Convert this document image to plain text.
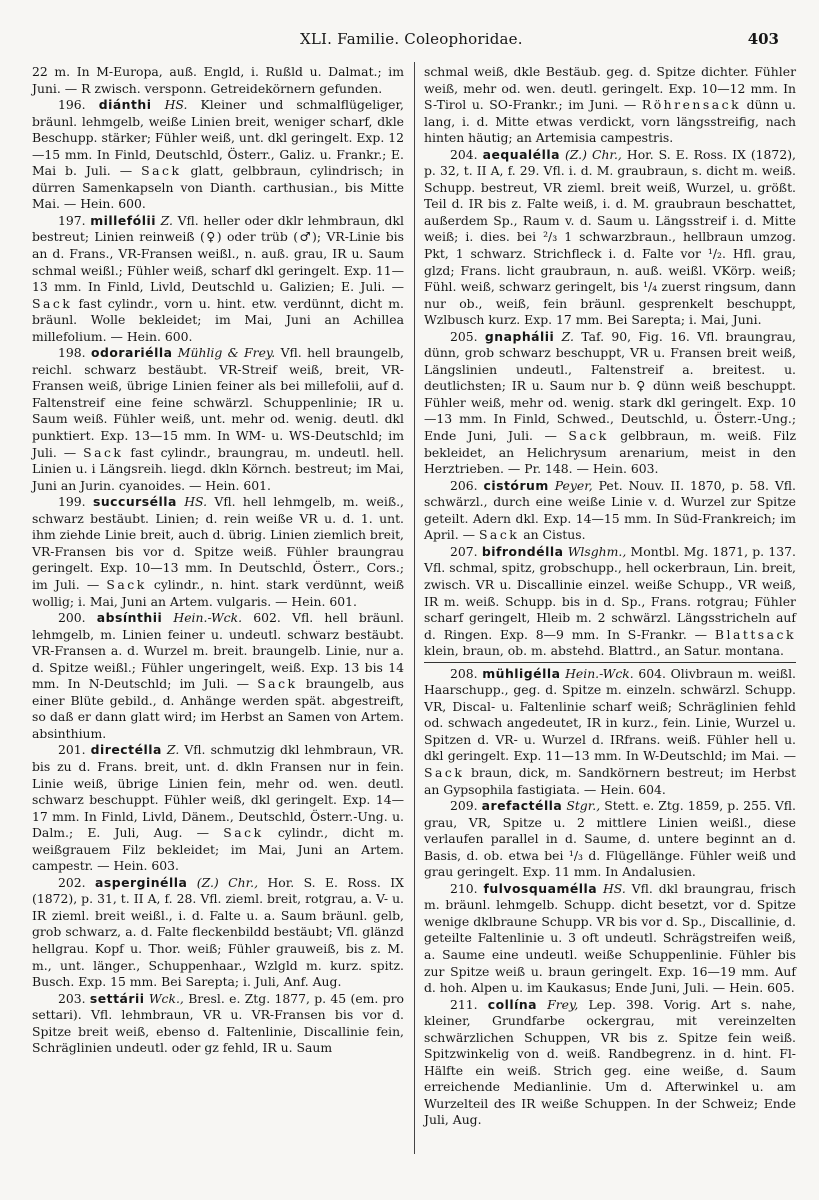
XLI. Familie. Coleophoridae.	403

22 m. In M-Europa, auß. Engld, i. Rußld u. Dalmat.; im Juni. — R zwisch. versponn. Getreidekörnern gefunden.

196. diánthi HS. Kleiner und schmalflügeliger, bräunl. lehmgelb, weiße Linien breit, weniger scharf, dkle Beschupp. stärker; Fühler weiß, unt. dkl geringelt. Exp. 12—15 mm. In Finld, Deutschld, Österr., Galiz. u. Frankr.; E. Mai b. Juli. — Sack glatt, gelbbraun, cylindrisch; in dürren Samenkapseln von Dianth. carthusian., bis Mitte Mai. — Hein. 600.

197. millefólii Z. Vfl. heller oder dklr lehmbraun, dkl bestreut; Linien reinweiß (♀) oder trüb (♂); VR-Linie bis an d. Frans., VR-Fransen weißl., n. auß. grau, IR u. Saum schmal weißl.; Fühler weiß, scharf dkl geringelt. Exp. 11—13 mm. In Finld, Livld, Deutschld u. Galizien; E. Juli. — Sack fast cylindr., vorn u. hint. etw. verdünnt, dicht m. bräunl. Wolle bekleidet; im Mai, Juni an Achillea millefolium. — Hein. 600.

198. odorariélla Mühlig & Frey. Vfl. hell braungelb, reichl. schwarz bestäubt. VR-Streif weiß, breit, VR-Fransen weiß, übrige Linien feiner als bei millefolii, auf d. Faltenstreif eine feine schwärzl. Schuppenlinie; IR u. Saum weiß. Fühler weiß, unt. mehr od. wenig. deutl. dkl punktiert. Exp. 13—15 mm. In WM- u. WS-Deutschld; im Juli. — Sack fast cylindr., braungrau, m. undeutl. hell. Linien u. i Längsreih. liegd. dkln Körnch. bestreut; im Mai, Juni an Jurin. cyanoides. — Hein. 601.

199. succursélla HS. Vfl. hell lehmgelb, m. weiß., schwarz bestäubt. Linien; d. rein weiße VR u. d. 1. unt. ihm ziehde Linie breit, auch d. übrig. Linien ziemlich breit, VR-Fransen bis vor d. Spitze weiß. Fühler braungrau geringelt. Exp. 10—13 mm. In Deutschld, Österr., Cors.; im Juli. — Sack cylindr., n. hint. stark verdünnt, weiß wollig; i. Mai, Juni an Artem. vulgaris. — Hein. 601.

200. absínthii Hein.-Wck. 602. Vfl. hell bräunl. lehmgelb, m. Linien feiner u. undeutl. schwarz bestäubt. VR-Fransen a. d. Wurzel m. breit. braungelb. Linie, nur a. d. Spitze weißl.; Fühler ungeringelt, weiß. Exp. 13 bis 14 mm. In N-Deutschld; im Juli. — Sack braungelb, aus einer Blüte gebild., d. Anhänge werden spät. abgestreift, so daß er dann glatt wird; im Herbst an Samen von Artem. absinthium.

201. directélla Z. Vfl. schmutzig dkl lehmbraun, VR. bis zu d. Frans. breit, unt. d. dkln Fransen nur in fein. Linie weiß, übrige Linien fein, mehr od. wen. deutl. schwarz beschuppt. Fühler weiß, dkl geringelt. Exp. 14—17 mm. In Finld, Livld, Dänem., Deutschld, Österr.-Ung. u. Dalm.; E. Juli, Aug. — Sack cylindr., dicht m. weißgrauem Filz bekleidet; im Mai, Juni an Artem. campestr. — Hein. 603.

202. asperginélla (Z.) Chr., Hor. S. E. Ross. IX (1872), p. 31, t. II A, f. 28. Vfl. zieml. breit, rotgrau, a. V- u. IR zieml. breit weißl., i. d. Falte u. a. Saum bräunl. gelb, grob schwarz, a. d. Falte fleckenbildd bestäubt; Vfl. glänzd hellgrau. Kopf u. Thor. weiß; Fühler grauweiß, bis z. M. m., unt. länger., Schuppenhaar., Wzlgld m. kurz. spitz. Busch. Exp. 15 mm. Bei Sarepta; i. Juli, Anf. Aug.

203. settárii Wck., Bresl. e. Ztg. 1877, p. 45 (em. pro settari). Vfl. lehmbraun, VR u. VR-Fransen bis vor d. Spitze breit weiß, ebenso d. Faltenlinie, Discallinie fein, Schräglinien undeutl. oder gz fehld, IR u. Saum

schmal weiß, dkle Bestäub. geg. d. Spitze dichter. Fühler weiß, mehr od. wen. deutl. geringelt. Exp. 10—12 mm. In S-Tirol u. SO-Frankr.; im Juni. — Röhrensack dünn u. lang, i. d. Mitte etwas verdickt, vorn längsstreifig, nach hinten häutig; an Artemisia campestris.

204. aequaléllа (Z.) Chr., Hor. S. E. Ross. IX (1872), p. 32, t. II A, f. 29. Vfl. i. d. M. graubraun, s. dicht m. weiß. Schupp. bestreut, VR zieml. breit weiß, Wurzel, u. größt. Teil d. IR bis z. Falte weiß, i. d. M. graubraun beschattet, außerdem Sp., Raum v. d. Saum u. Längsstreif i. d. Mitte weiß; i. dies. bei ²/₃ 1 schwarzbraun., hellbraun umzog. Pkt, 1 schwarz. Strichfleck i. d. Falte vor ¹/₂. Hfl. grau, glzd; Frans. licht graubraun, n. auß. weißl. VKörp. weiß; Fühl. weiß, schwarz geringelt, bis ¹/₄ zuerst ringsum, dann nur ob., weiß, fein bräunl. gesprenkelt beschuppt, Wzlbusch kurz. Exp. 17 mm. Bei Sarepta; i. Mai, Juni.

205. gnaphálii Z. Taf. 90, Fig. 16. Vfl. braungrau, dünn, grob schwarz beschuppt, VR u. Fransen breit weiß, Längslinien undeutl., Faltenstreif a. breitest. u. deutlichsten; IR u. Saum nur b. ♀ dünn weiß beschuppt. Fühler weiß, mehr od. wenig. stark dkl geringelt. Exp. 10—13 mm. In Finld, Schwed., Deutschld, u. Österr.-Ung.; Ende Juni, Juli. — Sack gelbbraun, m. weiß. Filz bekleidet, an Helichrysum arenarium, meist in den Herztrieben. — Pr. 148. — Hein. 603.

206. cistórum Peyer, Pet. Nouv. II. 1870, p. 58. Vfl. schwärzl., durch eine weiße Linie v. d. Wurzel zur Spitze geteilt. Adern dkl. Exp. 14—15 mm. In Süd-Frankreich; im April. — Sack an Cistus.

207. bifrondélla Wlsghm., Montbl. Mg. 1871, p. 137. Vfl. schmal, spitz, grobschupp., hell ockerbraun, Lin. breit, zwisch. VR u. Discallinie einzel. weiße Schupp., VR weiß, IR m. weiß. Schupp. bis in d. Sp., Frans. rotgrau; Fühler scharf geringelt, Hleib m. 2 schwärzl. Längsstricheln auf d. Ringen. Exp. 8—9 mm. In S-Frankr. — Blattsack klein, braun, ob. m. abstehd. Blattrd., an Satur. montana.

208. mühligélla Hein.-Wck. 604. Olivbraun m. weißl. Haarschupp., geg. d. Spitze m. einzeln. schwärzl. Schupp. VR, Discal- u. Faltenlinie scharf weiß; Schräglinien fehld od. schwach angedeutet, IR in kurz., fein. Linie, Wurzel u. Spitzen d. VR- u. Wurzel d. IRfrans. weiß. Fühler hell u. dkl geringelt. Exp. 11—13 mm. In W-Deutschld; im Mai. — Sack braun, dick, m. Sandkörnern bestreut; im Herbst an Gypsophila fastigiata. — Hein. 604.

209. arefactélla Stgr., Stett. e. Ztg. 1859, p. 255. Vfl. grau, VR, Spitze u. 2 mittlere Linien weißl., diese verlaufen parallel in d. Saume, d. untere beginnt an d. Basis, d. ob. etwa bei ¹/₃ d. Flügellänge. Fühler weiß und grau geringelt. Exp. 11 mm. In Andalusien.

210. fulvosquamélla HS. Vfl. dkl braungrau, frisch m. bräunl. lehmgelb. Schupp. dicht besetzt, vor d. Spitze wenige dklbraune Schupp. VR bis vor d. Sp., Discallinie, d. geteilte Faltenlinie u. 3 oft undeutl. Schrägstreifen weiß, a. Saume eine undeutl. weiße Schuppenlinie. Fühler bis zur Spitze weiß u. braun geringelt. Exp. 16—19 mm. Auf d. hoh. Alpen u. im Kaukasus; Ende Juni, Juli. — Hein. 605.

211. collína Frey, Lep. 398. Vorig. Art s. nahe, kleiner, Grundfarbe ockergrau, mit vereinzelten schwärzlichen Schuppen, VR bis z. Spitze fein weiß. Spitzwinkelig von d. weiß. Randbegrenz. in d. hint. Fl-Hälfte ein weiß. Strich geg. eine weiße, d. Saum erreichende Medianlinie. Um d. Afterwinkel u. am Wurzelteil des IR weiße Schuppen. In der Schweiz; Ende Juli, Aug.
